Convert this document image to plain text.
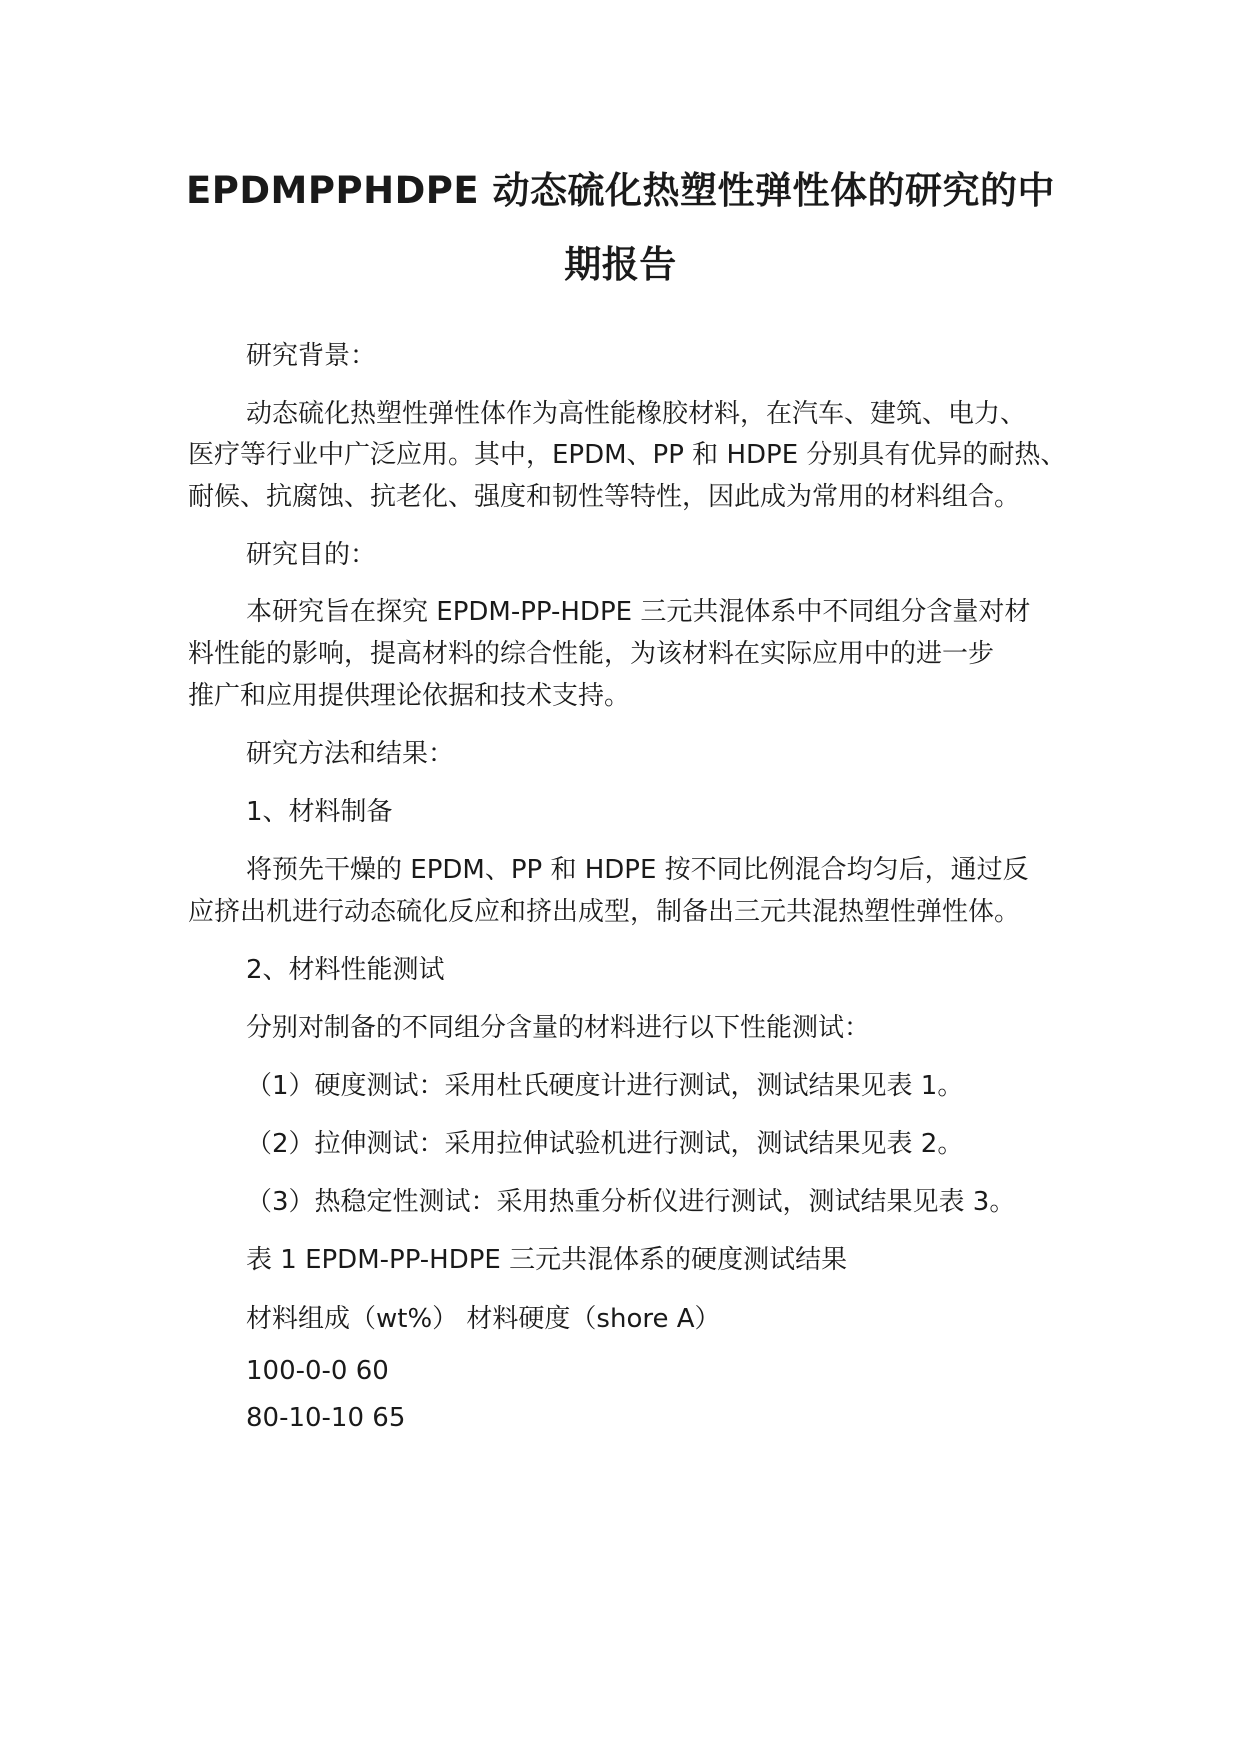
EPDMPPHDPE 动态硫化热塑性弹性体的研究的中
期报告
研究背景：
动态硫化热塑性弹性体作为高性能橡胶材料，在汽车、建筑、电力、
医疗等行业中广泛应用。其中，EPDM、PP 和 HDPE 分别具有优异的耐热、
耐候、抗腐蚀、抗老化、强度和韧性等特性，因此成为常用的材料组合。
研究目的：
本研究旨在探究 EPDM-PP-HDPE 三元共混体系中不同组分含量对材
料性能的影响，提高材料的综合性能，为该材料在实际应用中的进一步
推广和应用提供理论依据和技术支持。
研究方法和结果：
1、材料制备
将预先干燥的 EPDM、PP 和 HDPE 按不同比例混合均匀后，通过反
应挤出机进行动态硫化反应和挤出成型，制备出三元共混热塑性弹性体。
2、材料性能测试
分别对制备的不同组分含量的材料进行以下性能测试：
（1）硬度测试：采用杜氏硬度计进行测试，测试结果见表 1。
（2）拉伸测试：采用拉伸试验机进行测试，测试结果见表 2。
（3）热稳定性测试：采用热重分析仪进行测试，测试结果见表 3。
表 1 EPDM-PP-HDPE 三元共混体系的硬度测试结果
材料组成（wt%） 材料硬度（shore A）
100-0-0 60
80-10-10 65
